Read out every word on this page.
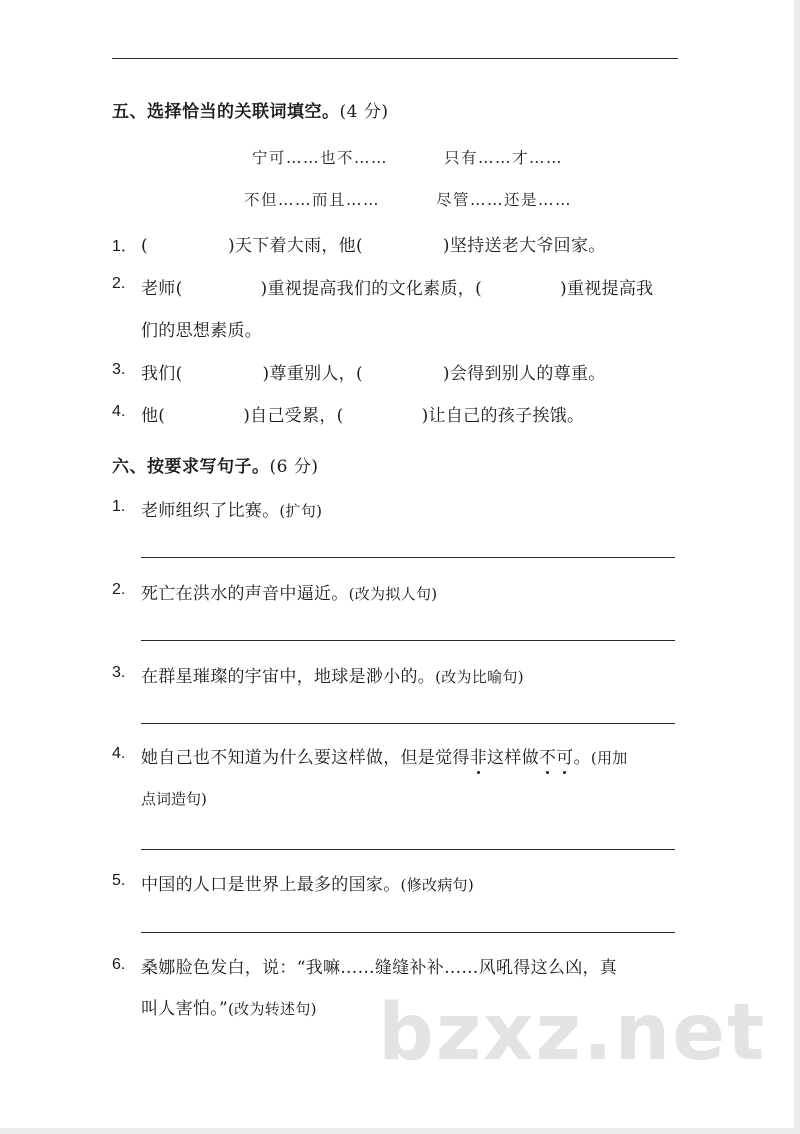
五、选择恰当的关联词填空。(4 分)
宁可……也不……	只有……才……
不但……而且……	尽管……还是……
1． (	)天下着大雨，他(	)坚持送老大爷回家。
2. 老师(	)重视提高我们的文化素质，(	)重视提高我
们的思想素质。
3. 我们(	)尊重别人，(	)会得到别人的尊重。
4. 他(	)自己受累，(	)让自己的孩子挨饿。
六、按要求写句子。(6 分)
1. 老师组织了比赛。(扩句)
2. 死亡在洪水的声音中逼近。(改为拟人句)
3. 在群星璀璨的宇宙中，地球是渺小的。(改为比喻句)
4. 她自己也不知道为什么要这样做，但是觉得非这样做不可。(用加
点词造句)
5. 中国的人口是世界上最多的国家。(修改病句)
6. 桑娜脸色发白，说：“我嘛……缝缝补补……风吼得这么凶，真
叫人害怕。”(改为转述句) bzxz.net
